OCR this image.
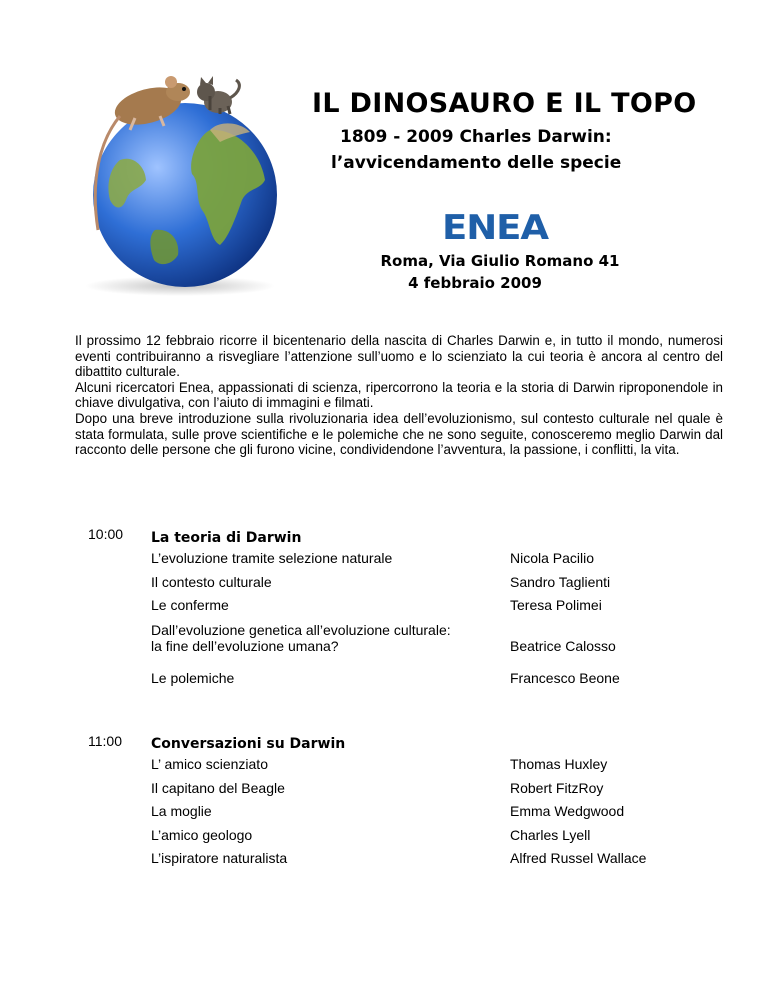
IL DINOSAURO E IL TOPO
1809 - 2009 Charles Darwin:
l’avvicendamento delle specie
ENEA
Roma, Via Giulio Romano 41
4 febbraio 2009

Il prossimo 12 febbraio ricorre il bicentenario della nascita di Charles Darwin e, in tutto il mondo, numerosi eventi contribuiranno a risvegliare l’attenzione sull’uomo e lo scienziato la cui teoria è ancora al centro del dibattito culturale.

Alcuni ricercatori Enea, appassionati di scienza, ripercorrono la teoria e la storia di Darwin riproponendole in chiave divulgativa, con l’aiuto di immagini e filmati.

Dopo una breve introduzione sulla rivoluzionaria idea dell’evoluzionismo, sul contesto culturale nel quale è stata formulata, sulle prove scientifiche e le polemiche che ne sono seguite, conosceremo meglio Darwin dal racconto delle persone che gli furono vicine, condividendone l’avventura, la passione, i conflitti, la vita.

10:00 La teoria di Darwin
L’evoluzione tramite selezione naturale	Nicola Pacilio
Il contesto culturale	Sandro Taglienti
Le conferme	Teresa Polimei
Dall’evoluzione genetica all’evoluzione culturale:
la fine dell’evoluzione umana?	Beatrice Calosso
Le polemiche	Francesco Beone
11:00 Conversazioni su Darwin
L’ amico scienziato	Thomas Huxley
Il capitano del Beagle	Robert FitzRoy
La moglie	Emma Wedgwood
L’amico geologo	Charles Lyell
L’ispiratore naturalista	Alfred Russel Wallace
